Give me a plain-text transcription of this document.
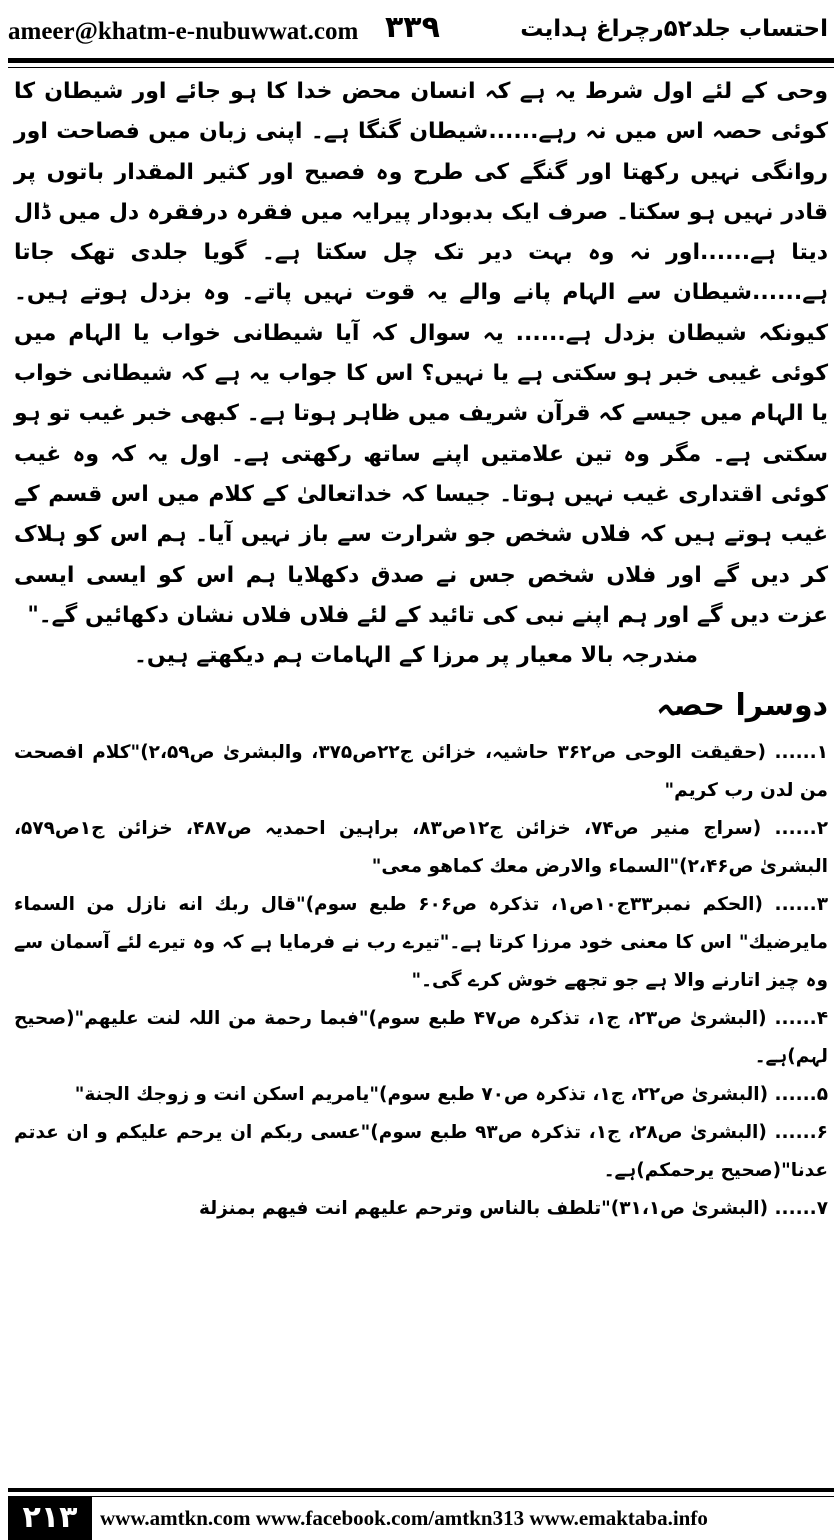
ameer@khatm-e-nubuwwat.com ۳۳۹	احتساب جلد۵۲رچراغ ہدایت

وحی کے لئے اول شرط یہ ہے کہ انسان محض خدا کا ہو جائے اور شیطان کا کوئی حصہ اس میں نہ رہے......شیطان گنگا ہے۔ اپنی زبان میں فصاحت اور روانگی نہیں رکھتا اور گنگے کی طرح وہ فصیح اور کثیر المقدار باتوں پر قادر نہیں ہو سکتا۔ صرف ایک بدبودار پیرایہ میں فقرہ درفقرہ دل میں ڈال دیتا ہے......اور نہ وہ بہت دیر تک چل سکتا ہے۔ گویا جلدی تھک جاتا ہے......شیطان سے الہام پانے والے یہ قوت نہیں پاتے۔ وہ بزدل ہوتے ہیں۔ کیونکہ شیطان بزدل ہے...... یہ سوال کہ آیا شیطانی خواب یا الہام میں کوئی غیبی خبر ہو سکتی ہے یا نہیں؟ اس کا جواب یہ ہے کہ شیطانی خواب یا الہام میں جیسے کہ قرآن شریف میں ظاہر ہوتا ہے۔ کبھی خبر غیب تو ہو سکتی ہے۔ مگر وہ تین علامتیں اپنے ساتھ رکھتی ہے۔ اول یہ کہ وہ غیب کوئی اقتداری غیب نہیں ہوتا۔ جیسا کہ خداتعالیٰ کے کلام میں اس قسم کے غیب ہوتے ہیں کہ فلاں شخص جو شرارت سے باز نہیں آیا۔ ہم اس کو ہلاک کر دیں گے اور فلاں شخص جس نے صدق دکھلایا ہم اس کو ایسی ایسی عزت دیں گے اور ہم اپنے نبی کی تائید کے لئے فلاں فلاں نشان دکھائیں گے۔"

مندرجہ بالا معیار پر مرزا کے الہامات ہم دیکھتے ہیں۔

دوسرا حصہ

۱...... (حقیقت الوحی ص۳۶۲ حاشیہ، خزائن ج۲۲ص۳۷۵، والبشریٰ ص۲،۵۹)"کلام افصحت من لدن رب کریم"

۲...... (سراج منیر ص۷۴، خزائن ج۱۲ص۸۳، براہین احمدیہ ص۴۸۷، خزائن ج۱ص۵۷۹، البشریٰ ص۲،۴۶)"السماء والارض معك كماهو معی"

۳...... (الحکم نمبر۳۳ج۱۰ص۱، تذکرہ ص۶۰۶ طبع سوم)"قال ربك انه نازل من السماء مایرضیك" اس کا معنی خود مرزا کرتا ہے۔"تیرے رب نے فرمایا ہے کہ وہ تیرے لئے آسمان سے وہ چیز اتارنے والا ہے جو تجھے خوش کرے گی۔"

۴...... (البشریٰ ص۲۳، ج۱، تذکرہ ص۴۷ طبع سوم)"فبما رحمة من اللہ لنت علیهم"(صحیح لہم)ہے۔

۵...... (البشریٰ ص۲۲، ج۱، تذکرہ ص۷۰ طبع سوم)"یامریم اسکن انت و زوجك الجنة"

۶...... (البشریٰ ص۲۸، ج۱، تذکرہ ص۹۳ طبع سوم)"عسی ربكم ان یرحم علیكم و ان عدتم عدنا"(صحیح یرحمکم)ہے۔

۷...... (البشریٰ ص۳۱،۱)"تلطف بالناس وترحم علیهم انت فیهم بمنزلة

۲۱۳	www.amtkn.com www.facebook.com/amtkn313 www.emaktaba.info
